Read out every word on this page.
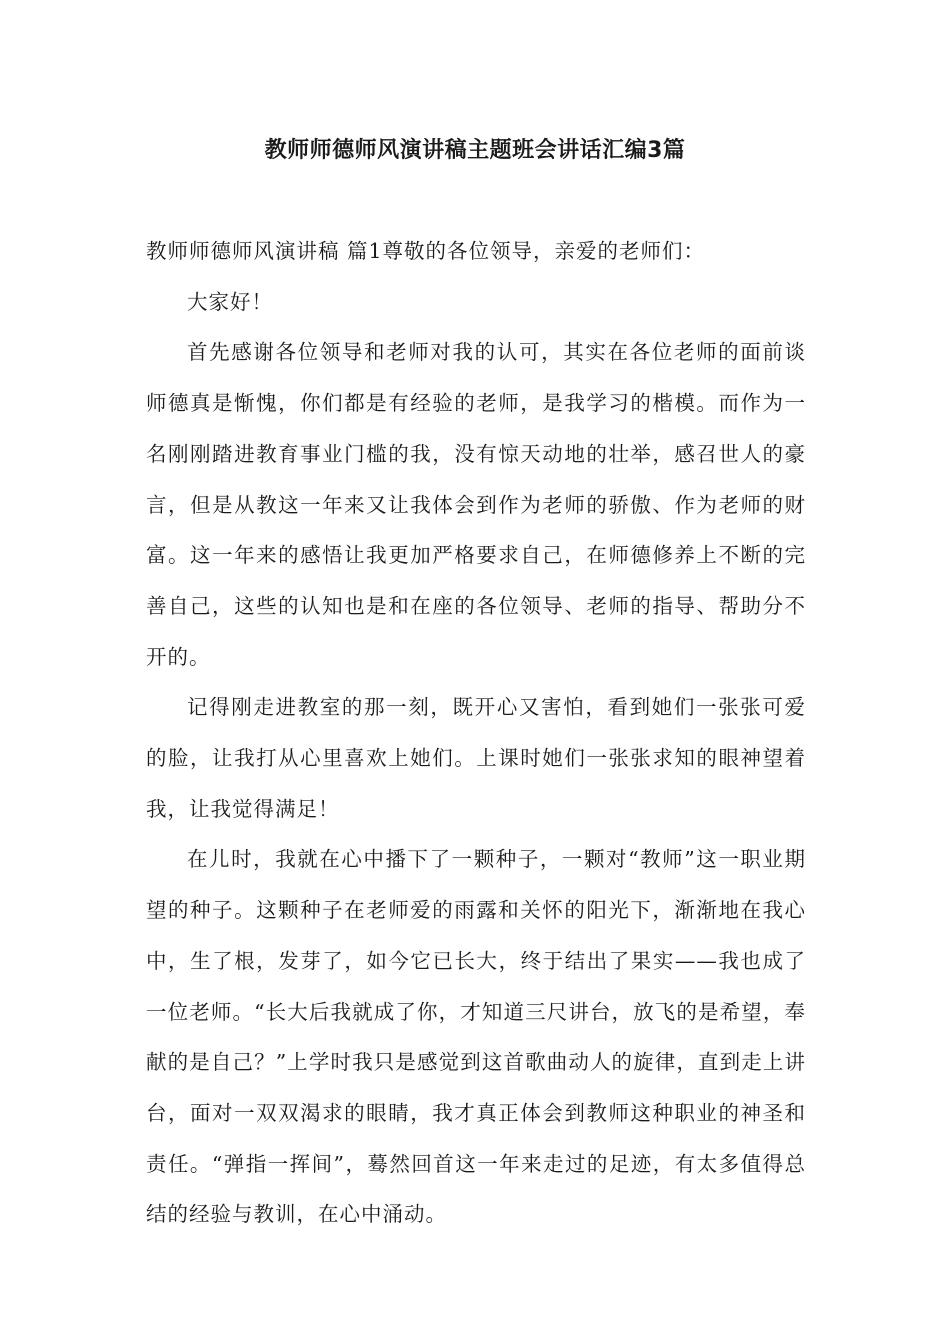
教师师德师风演讲稿主题班会讲话汇编3篇

教师师德师风演讲稿 篇1尊敬的各位领导，亲爱的老师们：

大家好！

首先感谢各位领导和老师对我的认可，其实在各位老师的面前谈师德真是惭愧，你们都是有经验的老师，是我学习的楷模。而作为一名刚刚踏进教育事业门槛的我，没有惊天动地的壮举，感召世人的豪言，但是从教这一年来又让我体会到作为老师的骄傲、作为老师的财富。这一年来的感悟让我更加严格要求自己，在师德修养上不断的完善自己，这些的认知也是和在座的各位领导、老师的指导、帮助分不开的。

记得刚走进教室的那一刻，既开心又害怕，看到她们一张张可爱的脸，让我打从心里喜欢上她们。上课时她们一张张求知的眼神望着我，让我觉得满足！

在儿时，我就在心中播下了一颗种子，一颗对“教师”这一职业期望的种子。这颗种子在老师爱的雨露和关怀的阳光下，渐渐地在我心中，生了根，发芽了，如今它已长大，终于结出了果实——我也成了一位老师。“长大后我就成了你，才知道三尺讲台，放飞的是希望，奉献的是自己？”上学时我只是感觉到这首歌曲动人的旋律，直到走上讲台，面对一双双渴求的眼睛，我才真正体会到教师这种职业的神圣和责任。“弹指一挥间”，蓦然回首这一年来走过的足迹，有太多值得总结的经验与教训，在心中涌动。
